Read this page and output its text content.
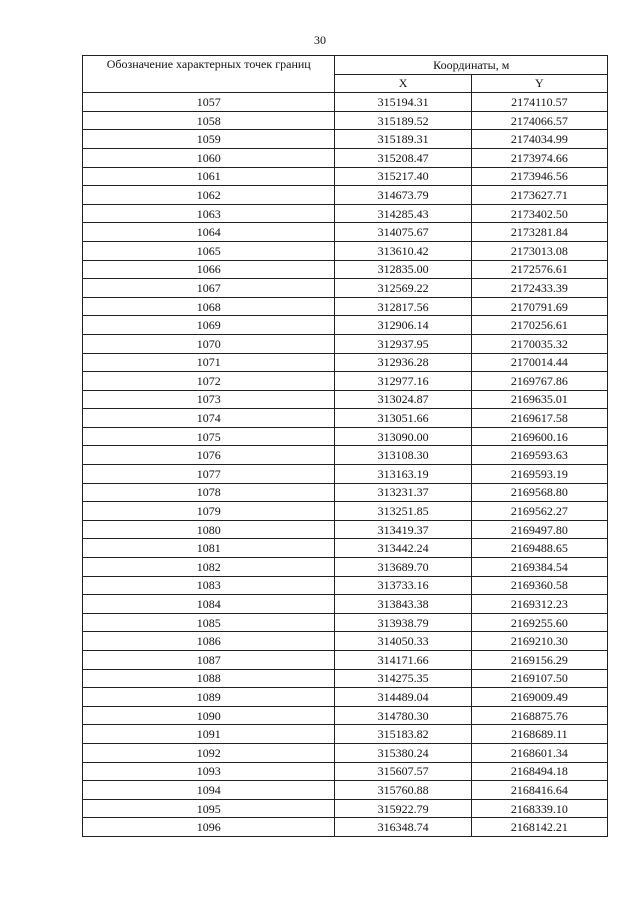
30
Обозначение характерных точек границ	Координаты, м	
	X	Y
1057	315194.31	2174110.57
1058	315189.52	2174066.57
1059	315189.31	2174034.99
1060	315208.47	2173974.66
1061	315217.40	2173946.56
1062	314673.79	2173627.71
1063	314285.43	2173402.50
1064	314075.67	2173281.84
1065	313610.42	2173013.08
1066	312835.00	2172576.61
1067	312569.22	2172433.39
1068	312817.56	2170791.69
1069	312906.14	2170256.61
1070	312937.95	2170035.32
1071	312936.28	2170014.44
1072	312977.16	2169767.86
1073	313024.87	2169635.01
1074	313051.66	2169617.58
1075	313090.00	2169600.16
1076	313108.30	2169593.63
1077	313163.19	2169593.19
1078	313231.37	2169568.80
1079	313251.85	2169562.27
1080	313419.37	2169497.80
1081	313442.24	2169488.65
1082	313689.70	2169384.54
1083	313733.16	2169360.58
1084	313843.38	2169312.23
1085	313938.79	2169255.60
1086	314050.33	2169210.30
1087	314171.66	2169156.29
1088	314275.35	2169107.50
1089	314489.04	2169009.49
1090	314780.30	2168875.76
1091	315183.82	2168689.11
1092	315380.24	2168601.34
1093	315607.57	2168494.18
1094	315760.88	2168416.64
1095	315922.79	2168339.10
1096	316348.74	2168142.21
